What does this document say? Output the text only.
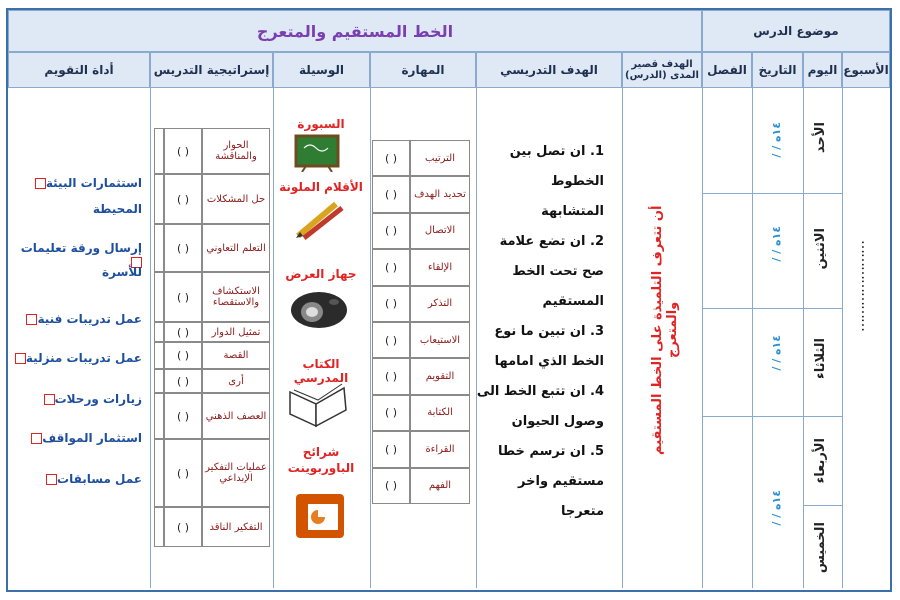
موضوع الدرس
الخط المستقيم والمتعرج
الأسبوع
اليوم
التاريخ
الفصل
الهدف قصير المدى (الدرس)
الهدف التدريسي
المهارة
الوسيلة
إستراتيجية التدريس
أداة التقويم
…………………
الأحد
الاثنين
الثلاثاء
الأربعاء
الخميس
/ / ١٤ه
/ / ١٤ه
/ / ١٤ه
/ / ١٤ه
أن تتعرف التلميذة على الخط المستقيم والمتعرج
1. ان تصل بين
الخطوط
المتشابهة
2. ان تضع علامة
صح تحت الخط
المستقيم
3. ان تبين ما نوع
الخط الذي امامها
4. ان تتبع الخط الى
وصول الحيوان
5. ان ترسم خطا
مستقيم واخر
متعرجا
الترتيب
( )
تحديد الهدف
( )
الاتصال
( )
الإلقاء
( )
التذكر
( )
الاستيعاب
( )
التقويم
( )
الكتابة
( )
القراءة
( )
الفهم
( )
السبورة
الأقلام الملونة
جهاز العرض
الكتاب المدرسي
شرائح الباوربوينت
الحوار والمناقشة
( )
حل المشكلات
( )
التعلم التعاوني
( )
الاستكشاف والاستقصاء
( )
تمثيل الدوار
( )
القصة
( )
أرى
( )
العصف الذهني
( )
عمليات التفكير الإبداعي
( )
التفكير الناقد
( )
استثمارات البيئة
المحيطة
إرسال ورقة تعليمات
للأسرة
عمل تدريبات فنية
عمل تدريبات منزلية
زيارات ورحلات
استثمار المواقف
عمل مسابقات
